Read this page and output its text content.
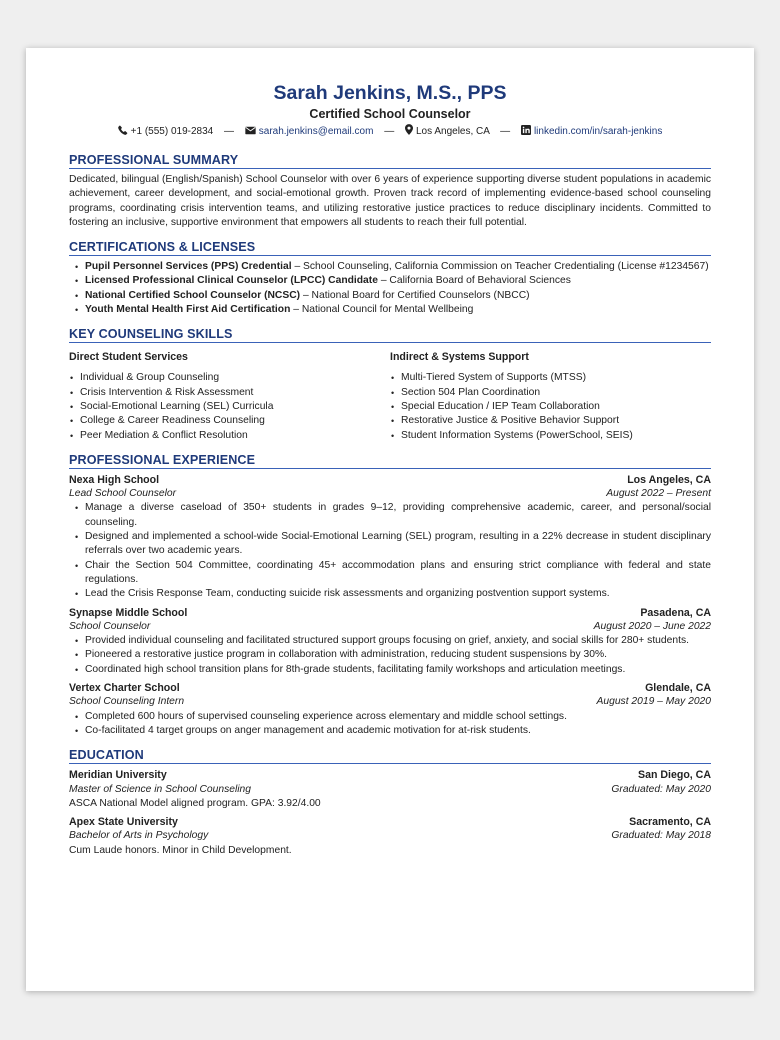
Sarah Jenkins, M.S., PPS
Certified School Counselor
+1 (555) 019-2834 — sarah.jenkins@email.com — Los Angeles, CA — linkedin.com/in/sarah-jenkins
PROFESSIONAL SUMMARY

Dedicated, bilingual (English/Spanish) School Counselor with over 6 years of experience supporting diverse student populations in academic achievement, career development, and social-emotional growth. Proven track record of implementing evidence-based school counseling programs, coordinating crisis intervention teams, and utilizing restorative justice practices to reduce disciplinary incidents. Committed to fostering an inclusive, supportive environment that empowers all students to reach their full potential.

CERTIFICATIONS & LICENSES
• Pupil Personnel Services (PPS) Credential – School Counseling, California Commission on Teacher Credentialing (License #1234567)
• Licensed Professional Clinical Counselor (LPCC) Candidate – California Board of Behavioral Sciences
• National Certified School Counselor (NCSC) – National Board for Certified Counselors (NBCC)
• Youth Mental Health First Aid Certification – National Council for Mental Wellbeing
KEY COUNSELING SKILLS
Direct Student Services
• Individual & Group Counseling
• Crisis Intervention & Risk Assessment
• Social-Emotional Learning (SEL) Curricula
• College & Career Readiness Counseling
• Peer Mediation & Conflict Resolution
Indirect & Systems Support
• Multi-Tiered System of Supports (MTSS)
• Section 504 Plan Coordination
• Special Education / IEP Team Collaboration
• Restorative Justice & Positive Behavior Support
• Student Information Systems (PowerSchool, SEIS)
PROFESSIONAL EXPERIENCE
Nexa High School	Los Angeles, CA
Lead School Counselor	August 2022 – Present
• Manage a diverse caseload of 350+ students in grades 9–12, providing comprehensive academic, career, and personal/social counseling.
• Designed and implemented a school-wide Social-Emotional Learning (SEL) program, resulting in a 22% decrease in student disciplinary referrals over two academic years.
• Chair the Section 504 Committee, coordinating 45+ accommodation plans and ensuring strict compliance with federal and state regulations.
• Lead the Crisis Response Team, conducting suicide risk assessments and organizing postvention support systems.
Synapse Middle School	Pasadena, CA
School Counselor	August 2020 – June 2022
• Provided individual counseling and facilitated structured support groups focusing on grief, anxiety, and social skills for 280+ students.
• Pioneered a restorative justice program in collaboration with administration, reducing student suspensions by 30%.
• Coordinated high school transition plans for 8th-grade students, facilitating family workshops and articulation meetings.
Vertex Charter School	Glendale, CA
School Counseling Intern	August 2019 – May 2020
• Completed 600 hours of supervised counseling experience across elementary and middle school settings.
• Co-facilitated 4 target groups on anger management and academic motivation for at-risk students.
EDUCATION
Meridian University	San Diego, CA
Master of Science in School Counseling	Graduated: May 2020
ASCA National Model aligned program. GPA: 3.92/4.00
Apex State University	Sacramento, CA
Bachelor of Arts in Psychology	Graduated: May 2018
Cum Laude honors. Minor in Child Development.
